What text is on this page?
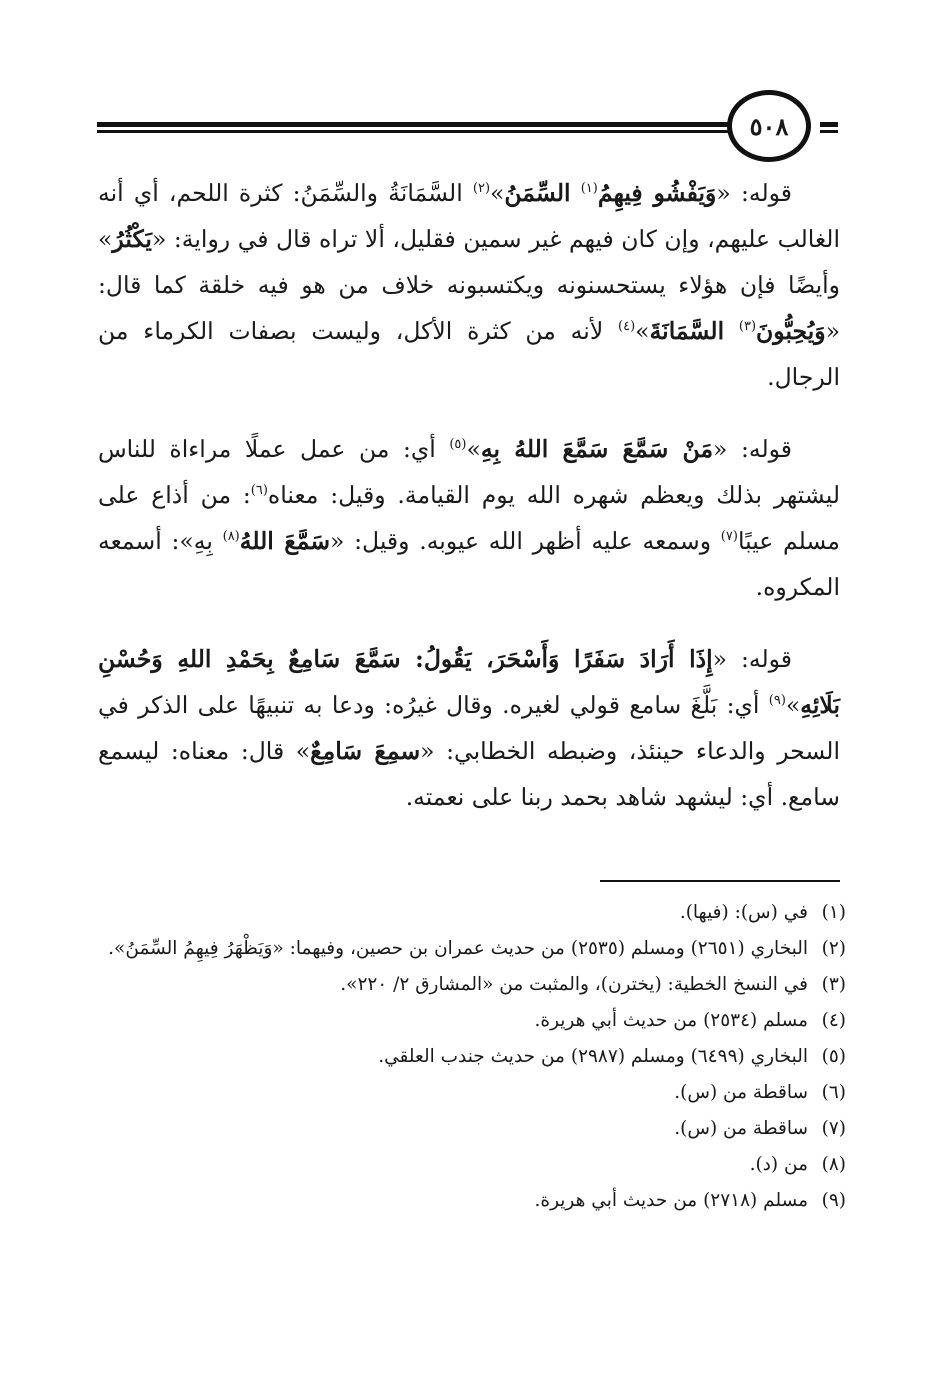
٥٠٨

قوله: «وَيَفْشُو فِيهِمُ$^{(١)}$ السِّمَنُ»$^{(٢)}$ السَّمَانَةُ والسِّمَنُ: كثرة اللحم، أي أنه الغالب عليهم، وإن كان فيهم غير سمين فقليل، ألا تراه قال في رواية: «يَكْثُرُ» وأيضًا فإن هؤلاء يستحسنونه ويكتسبونه خلاف من هو فيه خلقة كما قال: «وَيُحِبُّونَ$^{(٣)}$ السَّمَانَةَ»$^{(٤)}$ لأنه من كثرة الأكل، وليست بصفات الكرماء من الرجال.

قوله: «مَنْ سَمَّعَ سَمَّعَ اللهُ بِهِ»$^{(٥)}$ أي: من عمل عملًا مراءاة للناس ليشتهر بذلك ويعظم شهره الله يوم القيامة. وقيل: معناه$^{(٦)}$: من أذاع على مسلم عيبًا$^{(٧)}$ وسمعه عليه أظهر الله عيوبه. وقيل: «سَمَّعَ اللهُ$^{(٨)}$ بِهِ»: أسمعه المكروه.

قوله: «إِذَا أَرَادَ سَفَرًا وَأَسْحَرَ، يَقُولُ: سَمَّعَ سَامِعٌ بِحَمْدِ اللهِ وَحُسْنِ بَلَائِهِ»$^{(٩)}$ أي: بَلَّغَ سامع قولي لغيره. وقال غيرُه: ودعا به تنبيهًا على الذكر في السحر والدعاء حينئذ، وضبطه الخطابي: «سمِعَ سَامِعٌ» قال: معناه: ليسمع سامع. أي: ليشهد شاهد بحمد ربنا على نعمته.

(١)
في (س): (فيها).
(٢)
البخاري (٢٦٥١) ومسلم (٢٥٣٥) من حديث عمران بن حصين، وفيهما: «وَيَظْهَرُ فِيهِمُ السِّمَنُ».
(٣)
في النسخ الخطية: (يخترن)، والمثبت من «المشارق ٢/ ٢٢٠».
(٤)
مسلم (٢٥٣٤) من حديث أبي هريرة.
(٥)
البخاري (٦٤٩٩) ومسلم (٢٩٨٧) من حديث جندب العلقي.
(٦)
ساقطة من (س).
(٧)
ساقطة من (س).
(٨)
من (د).
(٩)
مسلم (٢٧١٨) من حديث أبي هريرة.
